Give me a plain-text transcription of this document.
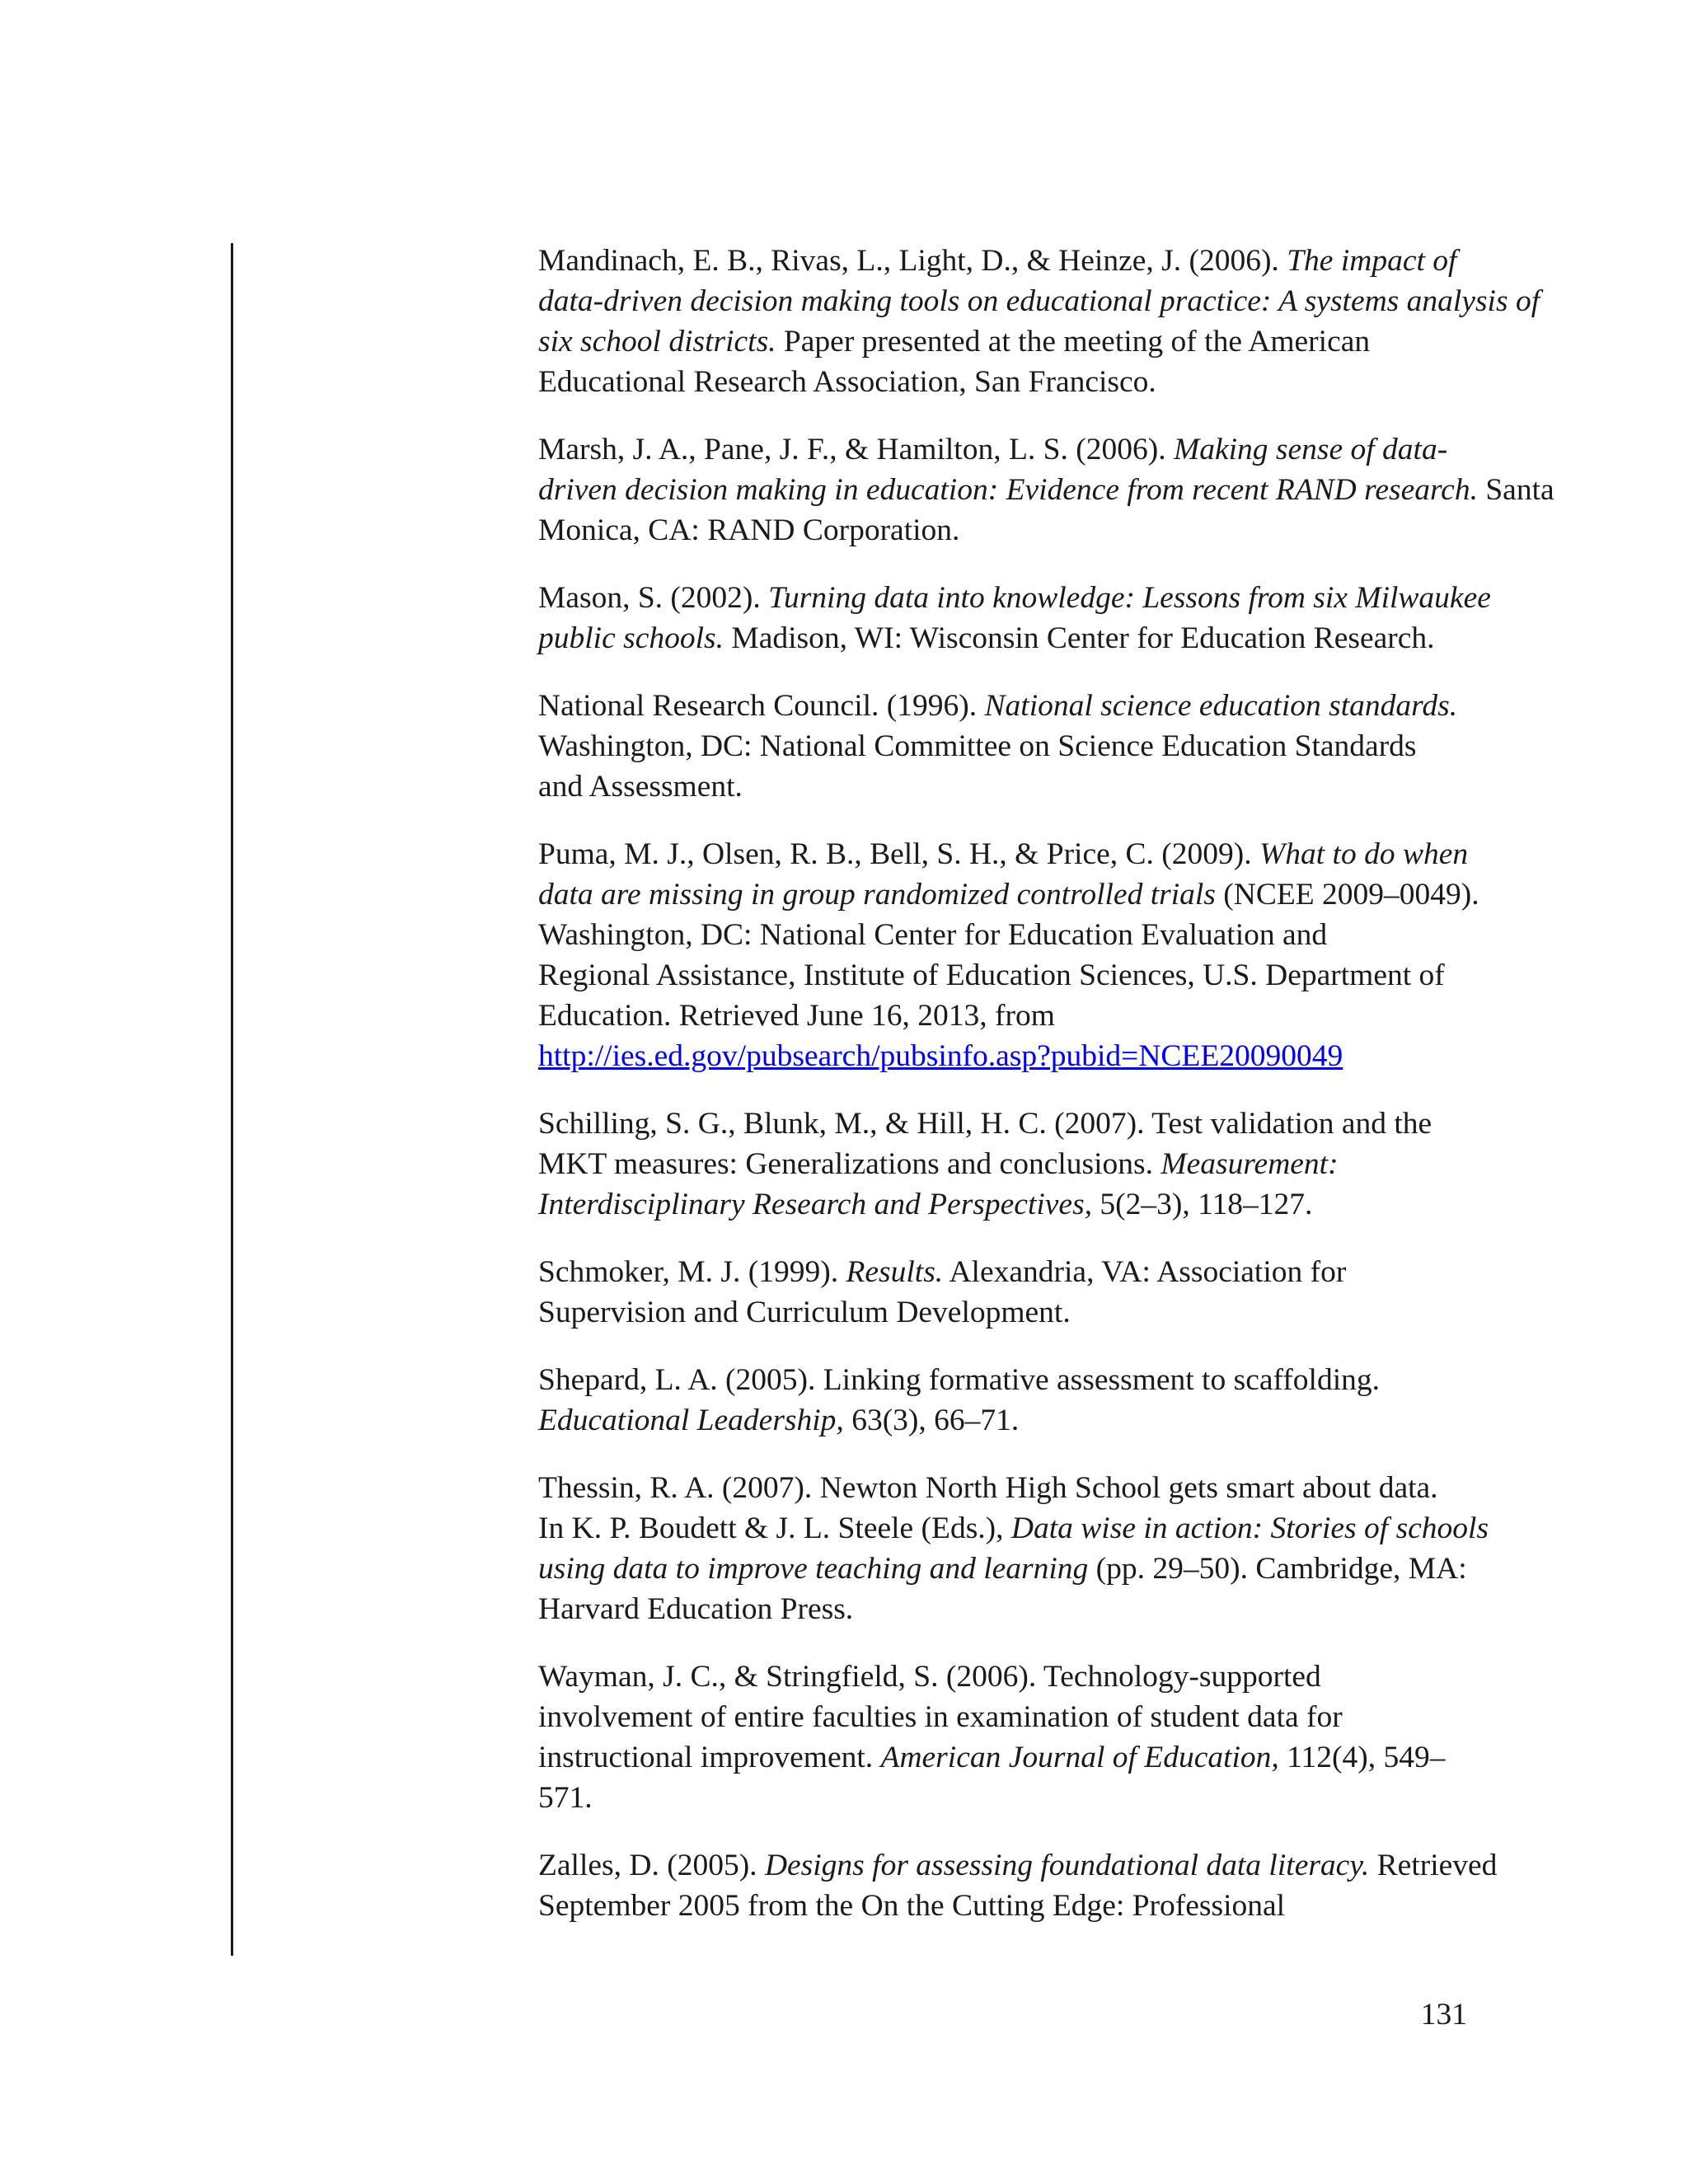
Mandinach, E. B., Rivas, L., Light, D., & Heinze, J. (2006). The impact of
data-driven decision making tools on educational practice: A systems analysis of
six school districts. Paper presented at the meeting of the American
Educational Research Association, San Francisco.
Marsh, J. A., Pane, J. F., & Hamilton, L. S. (2006). Making sense of data-
driven decision making in education: Evidence from recent RAND research. Santa
Monica, CA: RAND Corporation.
Mason, S. (2002). Turning data into knowledge: Lessons from six Milwaukee
public schools. Madison, WI: Wisconsin Center for Education Research.
National Research Council. (1996). National science education standards.
Washington, DC: National Committee on Science Education Standards
and Assessment.
Puma, M. J., Olsen, R. B., Bell, S. H., & Price, C. (2009). What to do when
data are missing in group randomized controlled trials (NCEE 2009–0049).
Washington, DC: National Center for Education Evaluation and
Regional Assistance, Institute of Education Sciences, U.S. Department of
Education. Retrieved June 16, 2013, from
http://ies.ed.gov/pubsearch/pubsinfo.asp?pubid=NCEE20090049
Schilling, S. G., Blunk, M., & Hill, H. C. (2007). Test validation and the
MKT measures: Generalizations and conclusions. Measurement:
Interdisciplinary Research and Perspectives, 5(2–3), 118–127.
Schmoker, M. J. (1999). Results. Alexandria, VA: Association for
Supervision and Curriculum Development.
Shepard, L. A. (2005). Linking formative assessment to scaffolding.
Educational Leadership, 63(3), 66–71.
Thessin, R. A. (2007). Newton North High School gets smart about data.
In K. P. Boudett & J. L. Steele (Eds.), Data wise in action: Stories of schools
using data to improve teaching and learning (pp. 29–50). Cambridge, MA:
Harvard Education Press.
Wayman, J. C., & Stringfield, S. (2006). Technology-supported
involvement of entire faculties in examination of student data for
instructional improvement. American Journal of Education, 112(4), 549–
571.
Zalles, D. (2005). Designs for assessing foundational data literacy. Retrieved
September 2005 from the On the Cutting Edge: Professional
131
